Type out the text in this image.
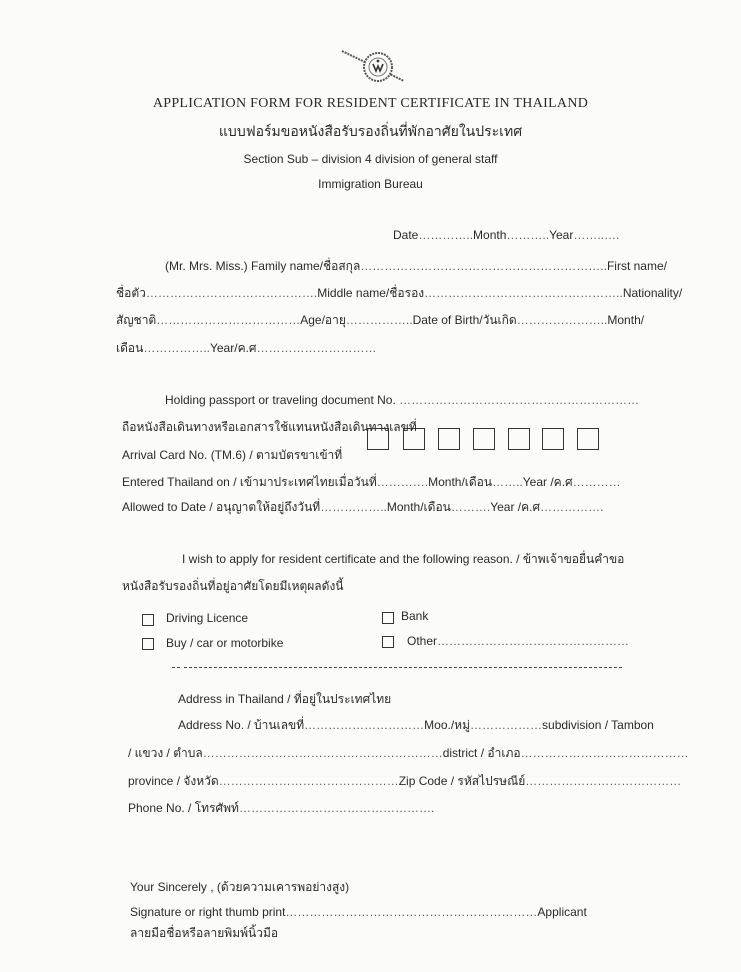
APPLICATION FORM FOR RESIDENT CERTIFICATE IN THAILAND
แบบฟอร์มขอหนังสือรับรองถิ่นที่พักอาศัยในประเทศ
Section Sub – division 4 division of general staff
Immigration Bureau
Date…………..Month………..Year……..….
(Mr. Mrs. Miss.) Family name/ชื่อสกุล……………………………………………………..First name/
ชื่อตัว…………………………………….Middle name/ชื่อรอง…………………………………………..Nationality/
สัญชาติ………………………………Age/อายุ……………..Date of Birth/วันเกิด…………………..Month/
เดือน……………..Year/ค.ศ…………………………
Holding passport or traveling document No. ……………………………………………………
ถือหนังสือเดินทางหรือเอกสารใช้แทนหนังสือเดินทางเลขที่
Arrival Card No. (TM.6) / ตามบัตรขาเข้าที่
Entered Thailand on / เข้ามาประเทศไทยเมื่อวันที่………….Month/เดือน……..Year /ค.ศ…………
Allowed to Date / อนุญาตให้อยู่ถึงวันที่……………..Month/เดือน……….Year /ค.ศ…………….
I wish to apply for resident certificate and the following reason. / ข้าพเจ้าขอยื่นคำขอ
หนังสือรับรองถิ่นที่อยู่อาศัยโดยมีเหตุผลดังนี้
Driving Licence	Bank
Buy / car or motorbike	Other…………………………………………
Address in Thailand / ที่อยู่ในประเทศไทย
Address No. / บ้านเลขที่…………………………Moo./หมู่………………subdivision / Tambon
/ แขวง / ตำบล……………………………………………………district / อำเภอ……………………………………
province / จังหวัด………………………………………Zip Code / รหัสไปรษณีย์…………………………………
Phone No. / โทรศัพท์………………………………………….
Your Sincerely , (ด้วยความเคารพอย่างสูง)
Signature or right thumb print………………………………………………………Applicant
ลายมือชื่อหรือลายพิมพ์นิ้วมือ
